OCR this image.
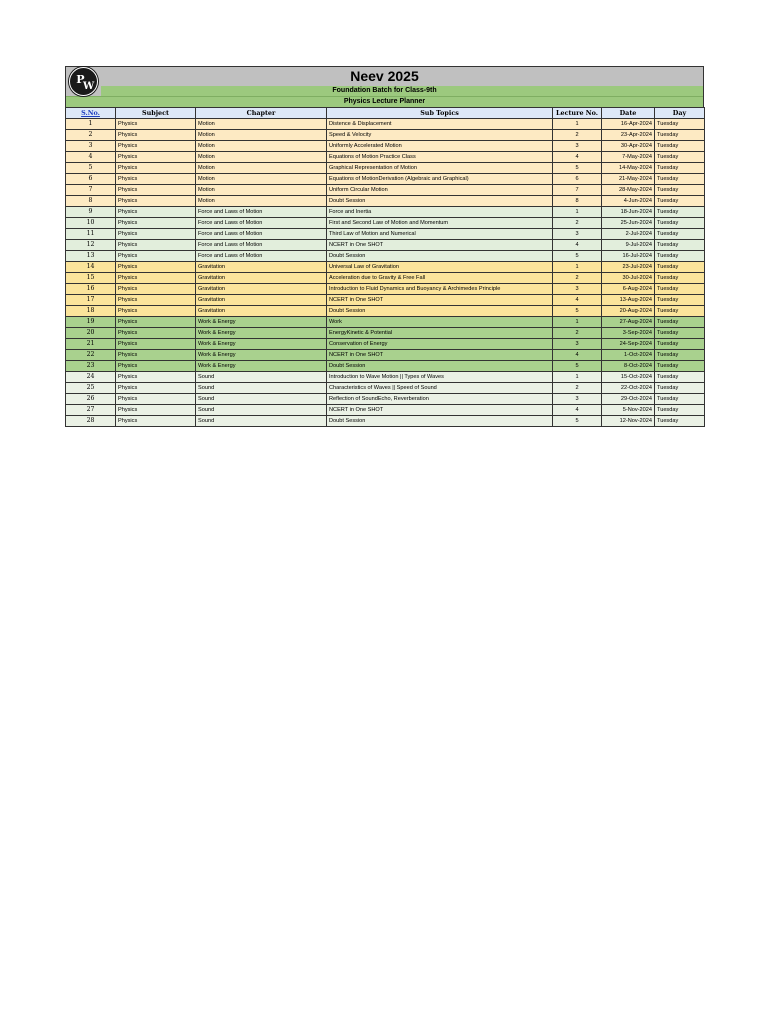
P
W
Neev 2025
Foundation Batch for Class-9th
Physics Lecture Planner
S.No.	Subject	Chapter	Sub Topics	Lecture No.	Date	Day
1	Physics	Motion	Distence & Displacement	1	16-Apr-2024	Tuesday
2	Physics	Motion	Speed & Velocity	2	23-Apr-2024	Tuesday
3	Physics	Motion	Uniformly Accelerated Motion	3	30-Apr-2024	Tuesday
4	Physics	Motion	Equations of Motion Practice Class	4	7-May-2024	Tuesday
5	Physics	Motion	Graphical Representation of Motion	5	14-May-2024	Tuesday
6	Physics	Motion	Equations of MotionDerivation (Algebraic and Graphical)	6	21-May-2024	Tuesday
7	Physics	Motion	Uniform Circular Motion	7	28-May-2024	Tuesday
8	Physics	Motion	Doubt Session	8	4-Jun-2024	Tuesday
9	Physics	Force and Laws of Motion	Force and Inertia	1	18-Jun-2024	Tuesday
10	Physics	Force and Laws of Motion	First and Second Law of Motion and Momentum	2	25-Jun-2024	Tuesday
11	Physics	Force and Laws of Motion	Third Law of Motion and Numerical	3	2-Jul-2024	Tuesday
12	Physics	Force and Laws of Motion	NCERT in One SHOT	4	9-Jul-2024	Tuesday
13	Physics	Force and Laws of Motion	Doubt Session	5	16-Jul-2024	Tuesday
14	Physics	Gravitation	Universal Law of Gravitation	1	23-Jul-2024	Tuesday
15	Physics	Gravitation	Acceleration due to Gravity & Free Fall	2	30-Jul-2024	Tuesday
16	Physics	Gravitation	Introduction to Fluid Dynamics and Buoyancy & Archimedes Principle	3	6-Aug-2024	Tuesday
17	Physics	Gravitation	NCERT in One SHOT	4	13-Aug-2024	Tuesday
18	Physics	Gravitation	Doubt Session	5	20-Aug-2024	Tuesday
19	Physics	Work & Energy	Work	1	27-Aug-2024	Tuesday
20	Physics	Work & Energy	EnergyKinetic & Potential	2	3-Sep-2024	Tuesday
21	Physics	Work & Energy	Conservation of Energy	3	24-Sep-2024	Tuesday
22	Physics	Work & Energy	NCERT in One SHOT	4	1-Oct-2024	Tuesday
23	Physics	Work & Energy	Doubt Session	5	8-Oct-2024	Tuesday
24	Physics	Sound	Introduction to Wave Motion || Types of Waves	1	15-Oct-2024	Tuesday
25	Physics	Sound	Characteristics of Waves || Speed of Sound	2	22-Oct-2024	Tuesday
26	Physics	Sound	Reflection of SoundEcho, Reverberation	3	29-Oct-2024	Tuesday
27	Physics	Sound	NCERT in One SHOT	4	5-Nov-2024	Tuesday
28	Physics	Sound	Doubt Session	5	12-Nov-2024	Tuesday
